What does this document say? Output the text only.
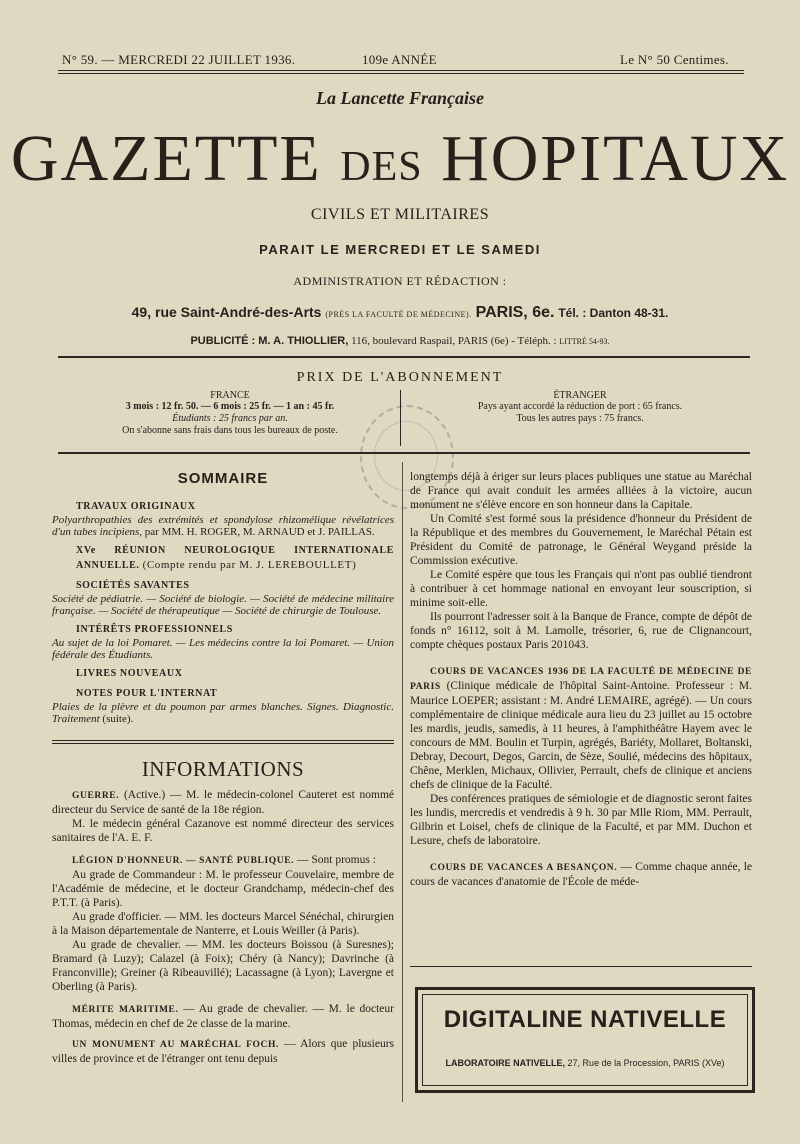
N° 59. — MERCREDI 22 JUILLET 1936.	109e ANNÉE	Le N° 50 Centimes.
La Lancette Française
GAZETTE DES HOPITAUX
CIVILS ET MILITAIRES
PARAIT LE MERCREDI ET LE SAMEDI
ADMINISTRATION ET RÉDACTION :
49, rue Saint-André-des-Arts (PRÈS LA FACULTÉ DE MÉDECINE). PARIS, 6e. Tél. : Danton 48-31.
PUBLICITÉ : M. A. THIOLLIER, 116, boulevard Raspail, PARIS (6e) - Téléph. : LITTRÉ 54-93.
PRIX DE L'ABONNEMENT
FRANCE
3 mois : 12 fr. 50. — 6 mois : 25 fr. — 1 an : 45 fr.
Étudiants : 25 francs par an.
On s'abonne sans frais dans tous les bureaux de poste.
ÉTRANGER
Pays ayant accordé la réduction de port : 65 francs.
Tous les autres pays : 75 francs.
SOMMAIRE
TRAVAUX ORIGINAUX
Polyarthropathies des extrémités et spondylose rhizomélique révélatrices d'un tabes incipiens, par MM. H. ROGER, M. ARNAUD et J. PAILLAS.
XVe RÉUNION NEUROLOGIQUE INTERNATIONALE ANNUELLE. (Compte rendu par M. J. LEREBOULLET)
SOCIÉTÉS SAVANTES
Société de pédiatrie. — Société de biologie. — Société de médecine militaire française. — Société de thérapeutique — Société de chirurgie de Toulouse.
INTÉRÊTS PROFESSIONNELS
Au sujet de la loi Pomaret. — Les médecins contre la loi Pomaret. — Union fédérale des Étudiants.
LIVRES NOUVEAUX
NOTES POUR L'INTERNAT
Plaies de la plèvre et du poumon par armes blanches. Signes. Diagnostic. Traitement (suite).
INFORMATIONS
GUERRE. (Active.) — M. le médecin-colonel Cauteret est nommé directeur du Service de santé de la 18e région.

M. le médecin général Cazanove est nommé directeur des services sanitaires de l'A. E. F.

LÉGION D'HONNEUR. — SANTÉ PUBLIQUE. — Sont promus :

Au grade de Commandeur : M. le professeur Couvelaire, membre de l'Académie de médecine, et le docteur Grandchamp, médecin-chef des P.T.T. (à Paris).

Au grade d'officier. — MM. les docteurs Marcel Sénéchal, chirurgien à la Maison départementale de Nanterre, et Louis Weiller (à Paris).

Au grade de chevalier. — MM. les docteurs Boissou (à Suresnes); Bramard (à Luzy); Calazel (à Foix); Chéry (à Nancy); Davrinche (à Franconville); Greiner (à Ribeauvillé); Lacassagne (à Lyon); Lavergne et Oberling (à Paris).

MÉRITE MARITIME. — Au grade de chevalier. — M. le docteur Thomas, médecin en chef de 2e classe de la marine.
UN MONUMENT AU MARÉCHAL FOCH. — Alors que plusieurs villes de province et de l'étranger ont tenu depuis

longtemps déjà à ériger sur leurs places publiques une statue au Maréchal de France qui avait conduit les armées alliées à la victoire, aucun monument ne s'élève encore en son honneur dans la Capitale.

Un Comité s'est formé sous la présidence d'honneur du Président de la République et des membres du Gouvernement, le Maréchal Pétain est Président du Comité de patronage, le Général Weygand préside la Commission exécutive.

Le Comité espère que tous les Français qui n'ont pas oublié tiendront à contribuer à cet hommage national en envoyant leur souscription, si minime soit-elle.

Ils pourront l'adresser soit à la Banque de France, compte de dépôt de fonds n° 16112, soit à M. Lamolle, trésorier, 6, rue de Clignancourt, compte chèques postaux Paris 201043.

COURS DE VACANCES 1936 DE LA FACULTÉ DE MÉDECINE DE PARIS (Clinique médicale de l'hôpital Saint-Antoine. Professeur : M. Maurice LOEPER; assistant : M. André LEMAIRE, agrégé). — Un cours complémentaire de clinique médicale aura lieu du 23 juillet au 15 octobre les mardis, jeudis, samedis, à 11 heures, à l'amphithéâtre Hayem avec le concours de MM. Boulin et Turpin, agrégés, Bariéty, Mollaret, Boltanski, Debray, Decourt, Degos, Garcin, de Sèze, Soulié, médecins des hôpitaux, Chêne, Merklen, Michaux, Ollivier, Perrault, chefs de clinique et anciens chefs de clinique de la Faculté.

Des conférences pratiques de sémiologie et de diagnostic seront faites les lundis, mercredis et vendredis à 9 h. 30 par Mlle Riom, MM. Perrault, Gilbrin et Loisel, chefs de clinique de la Faculté, et par MM. Duchon et Lesure, chefs de laboratoire.

COURS DE VACANCES A BESANÇON. — Comme chaque année, le cours de vacances d'anatomie de l'École de méde-
DIGITALINE NATIVELLE
LABORATOIRE NATIVELLE, 27, Rue de la Procession, PARIS (XVe)
